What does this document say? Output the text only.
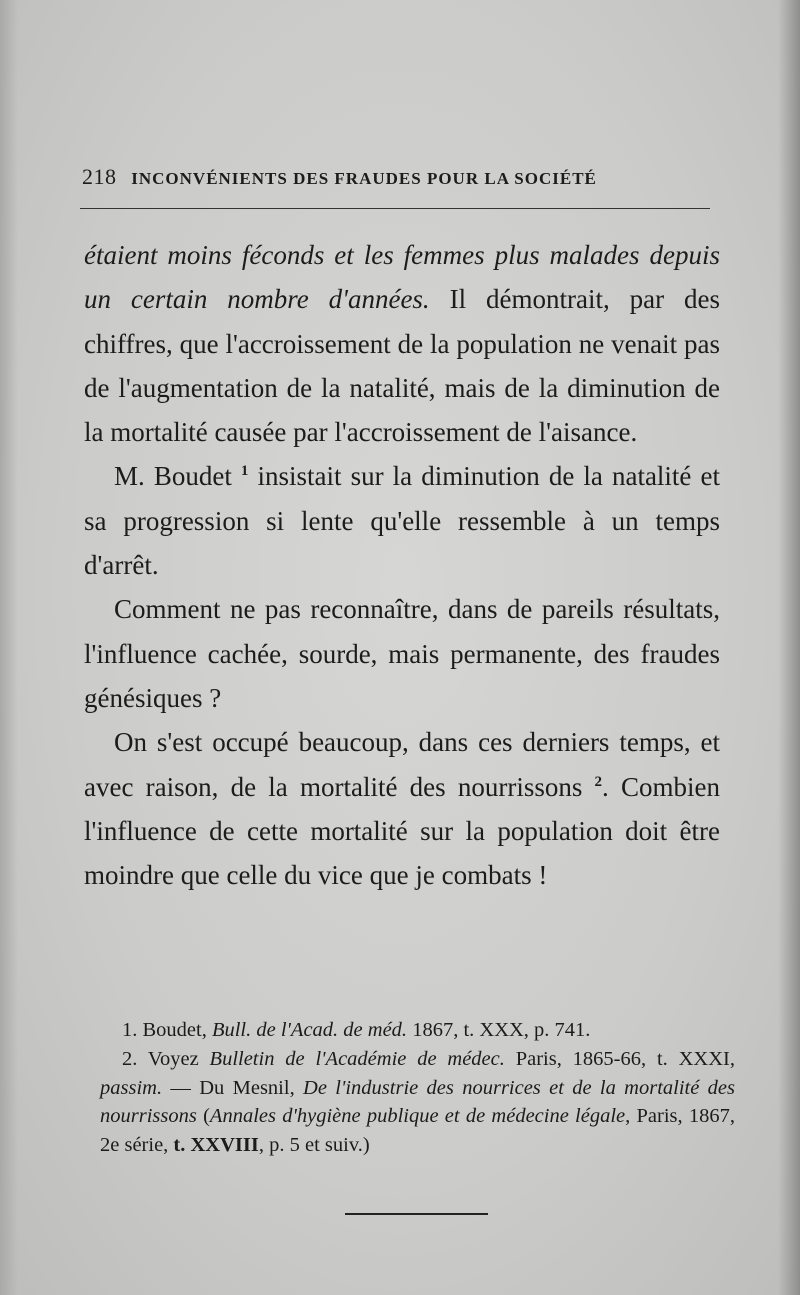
218 INCONVÉNIENTS DES FRAUDES POUR LA SOCIÉTÉ

étaient moins féconds et les femmes plus malades depuis un certain nombre d'années. Il démontrait, par des chiffres, que l'accroissement de la population ne venait pas de l'augmentation de la natalité, mais de la diminution de la mortalité causée par l'accroissement de l'aisance.

M. Boudet $^1$ insistait sur la diminution de la natalité et sa progression si lente qu'elle ressemble à un temps d'arrêt.

Comment ne pas reconnaître, dans de pareils résultats, l'influence cachée, sourde, mais permanente, des fraudes génésiques ?

On s'est occupé beaucoup, dans ces derniers temps, et avec raison, de la mortalité des nourrissons $^2$. Combien l'influence de cette mortalité sur la population doit être moindre que celle du vice que je combats !

1. Boudet, Bull. de l'Acad. de méd. 1867, t. XXX, p. 741.

2. Voyez Bulletin de l'Académie de médec. Paris, 1865-66, t. XXXI, passim. — Du Mesnil, De l'industrie des nourrices et de la mortalité des nourrissons (Annales d'hygiène publique et de médecine légale, Paris, 1867, 2e série, t. XXVIII, p. 5 et suiv.)
